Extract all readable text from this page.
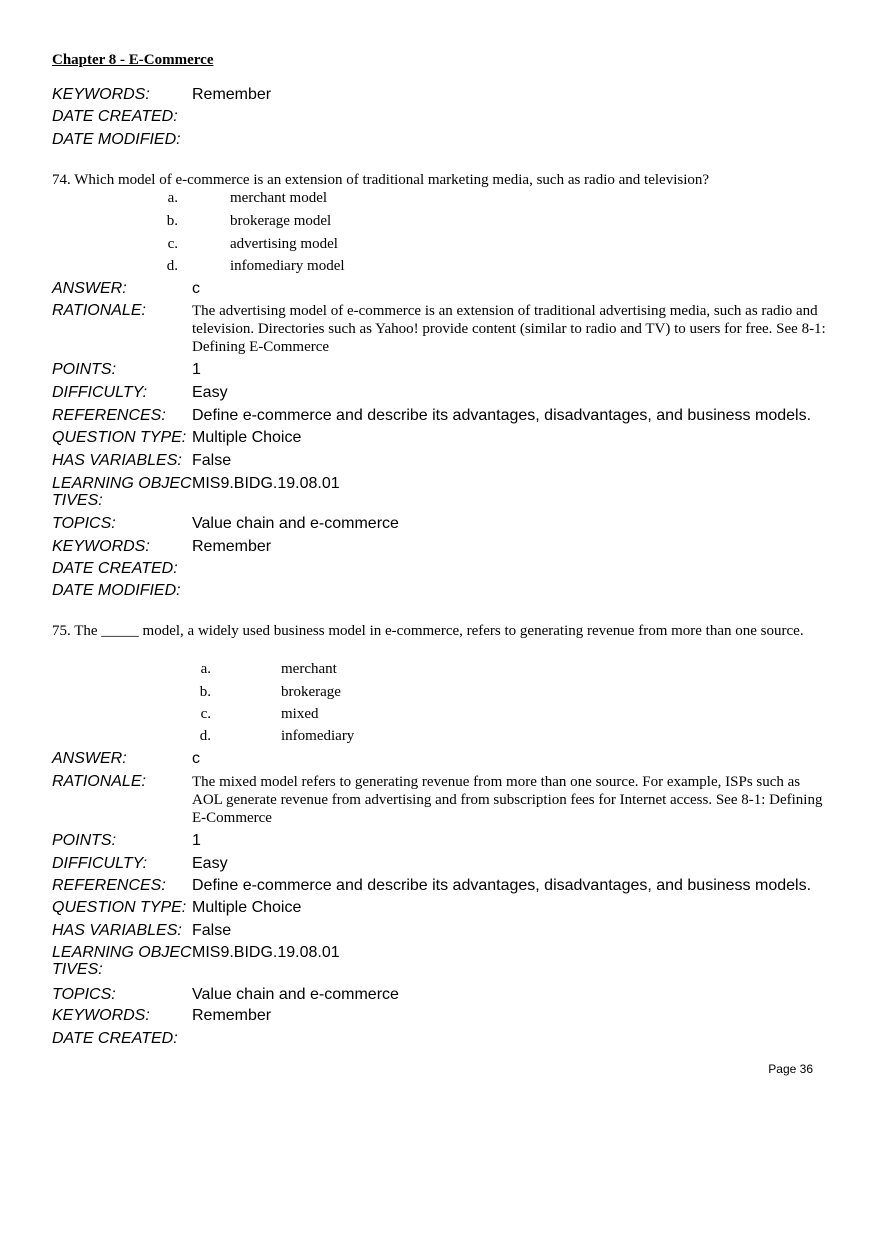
Chapter 8 - E-Commerce
KEYWORDS:	Remember
DATE CREATED:
DATE MODIFIED:
74. Which model of e-commerce is an extension of traditional marketing media, such as radio and television?
a.	merchant model
b.	brokerage model
c.	advertising model
d.	infomediary model
ANSWER:	c
RATIONALE:	The advertising model of e-commerce is an extension of traditional advertising media, such as radio and television. Directories such as Yahoo! provide content (similar to radio and TV) to users for free. See 8-1: Defining E-Commerce
POINTS:	1
DIFFICULTY:	Easy
REFERENCES:	Define e-commerce and describe its advantages, disadvantages, and business models.
QUESTION TYPE: Multiple Choice
HAS VARIABLES: False
LEARNING OBJEC
TIVES:
MIS9.BIDG.19.08.01
TOPICS:	Value chain and e-commerce
KEYWORDS:	Remember
DATE CREATED:
DATE MODIFIED:
75. The _____ model, a widely used business model in e-commerce, refers to generating revenue from more than one source.
a.	merchant
b.	brokerage
c.	mixed
d.	infomediary
ANSWER:	c
RATIONALE:	The mixed model refers to generating revenue from more than one source. For example, ISPs such as AOL generate revenue from advertising and from subscription fees for Internet access. See 8-1: Defining E-Commerce
POINTS:	1
DIFFICULTY:	Easy
REFERENCES:	Define e-commerce and describe its advantages, disadvantages, and business models.
QUESTION TYPE: Multiple Choice
HAS VARIABLES: False
LEARNING OBJEC
TIVES:
MIS9.BIDG.19.08.01
TOPICS:	Value chain and e-commerce
KEYWORDS:	Remember
DATE CREATED:
Page 36
